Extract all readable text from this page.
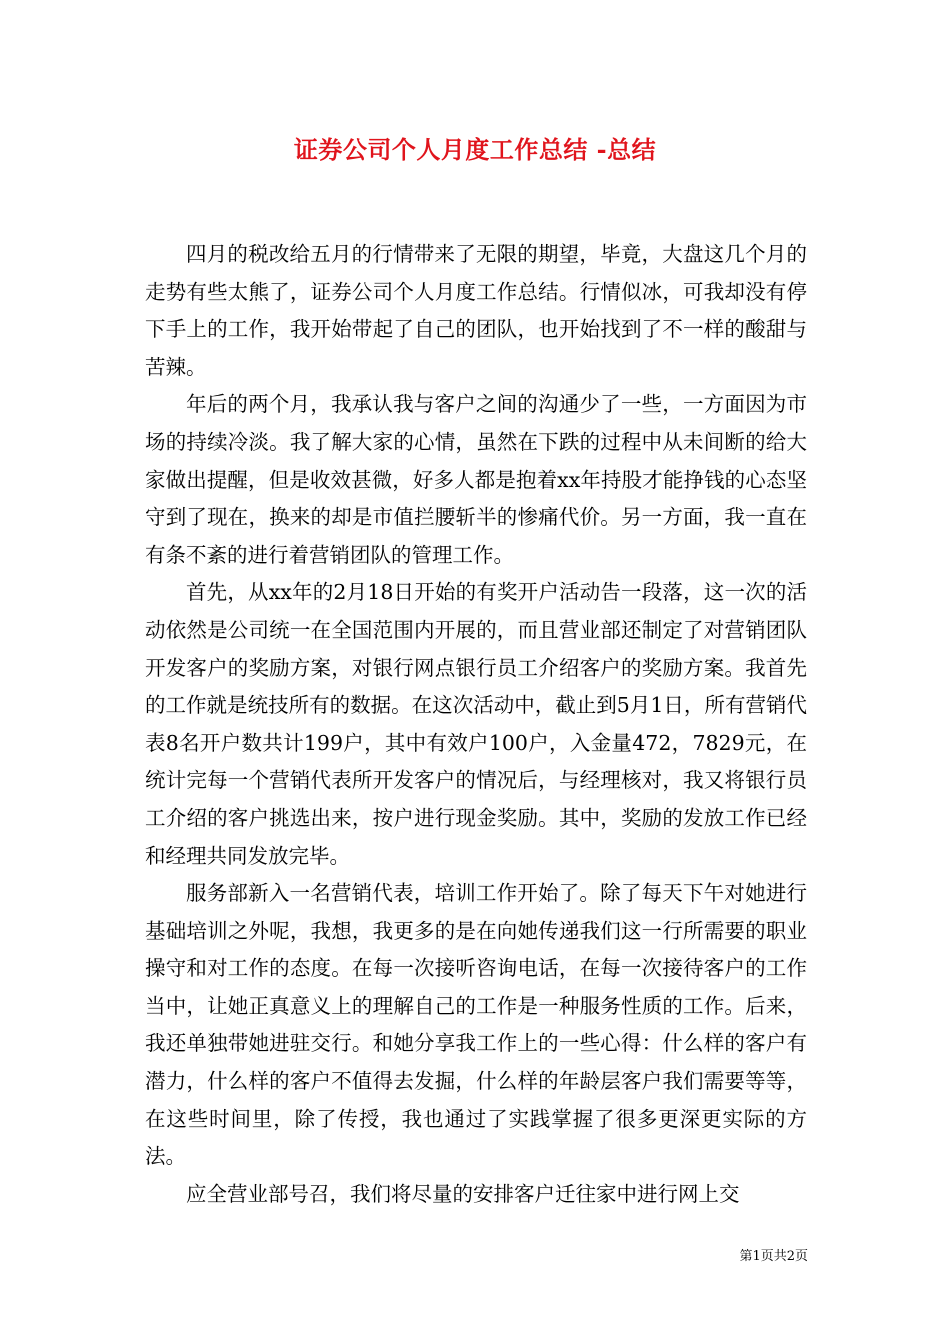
证券公司个人月度工作总结 -总结

四月的税改给五月的行情带来了无限的期望，毕竟，大盘这几个月的走势有些太熊了，证券公司个人月度工作总结。行情似冰，可我却没有停下手上的工作，我开始带起了自己的团队，也开始找到了不一样的酸甜与苦辣。

年后的两个月，我承认我与客户之间的沟通少了一些，一方面因为市场的持续冷淡。我了解大家的心情，虽然在下跌的过程中从未间断的给大家做出提醒，但是收效甚微，好多人都是抱着xx年持股才能挣钱的心态坚守到了现在，换来的却是市值拦腰斩半的惨痛代价。另一方面，我一直在有条不紊的进行着营销团队的管理工作。

首先，从xx年的2月18日开始的有奖开户活动告一段落，这一次的活动依然是公司统一在全国范围内开展的，而且营业部还制定了对营销团队开发客户的奖励方案，对银行网点银行员工介绍客户的奖励方案。我首先的工作就是统技所有的数据。在这次活动中，截止到5月1日，所有营销代表8名开户数共计199户，其中有效户100户，入金量472，7829元，在统计完每一个营销代表所开发客户的情况后，与经理核对，我又将银行员工介绍的客户挑选出来，按户进行现金奖励。其中，奖励的发放工作已经和经理共同发放完毕。

服务部新入一名营销代表，培训工作开始了。除了每天下午对她进行基础培训之外呢，我想，我更多的是在向她传递我们这一行所需要的职业操守和对工作的态度。在每一次接听咨询电话，在每一次接待客户的工作当中，让她正真意义上的理解自己的工作是一种服务性质的工作。后来，我还单独带她进驻交行。和她分享我工作上的一些心得：什么样的客户有潜力，什么样的客户不值得去发掘，什么样的年龄层客户我们需要等等，在这些时间里，除了传授，我也通过了实践掌握了很多更深更实际的方法。

应全营业部号召，我们将尽量的安排客户迁往家中进行网上交

第1页共2页
